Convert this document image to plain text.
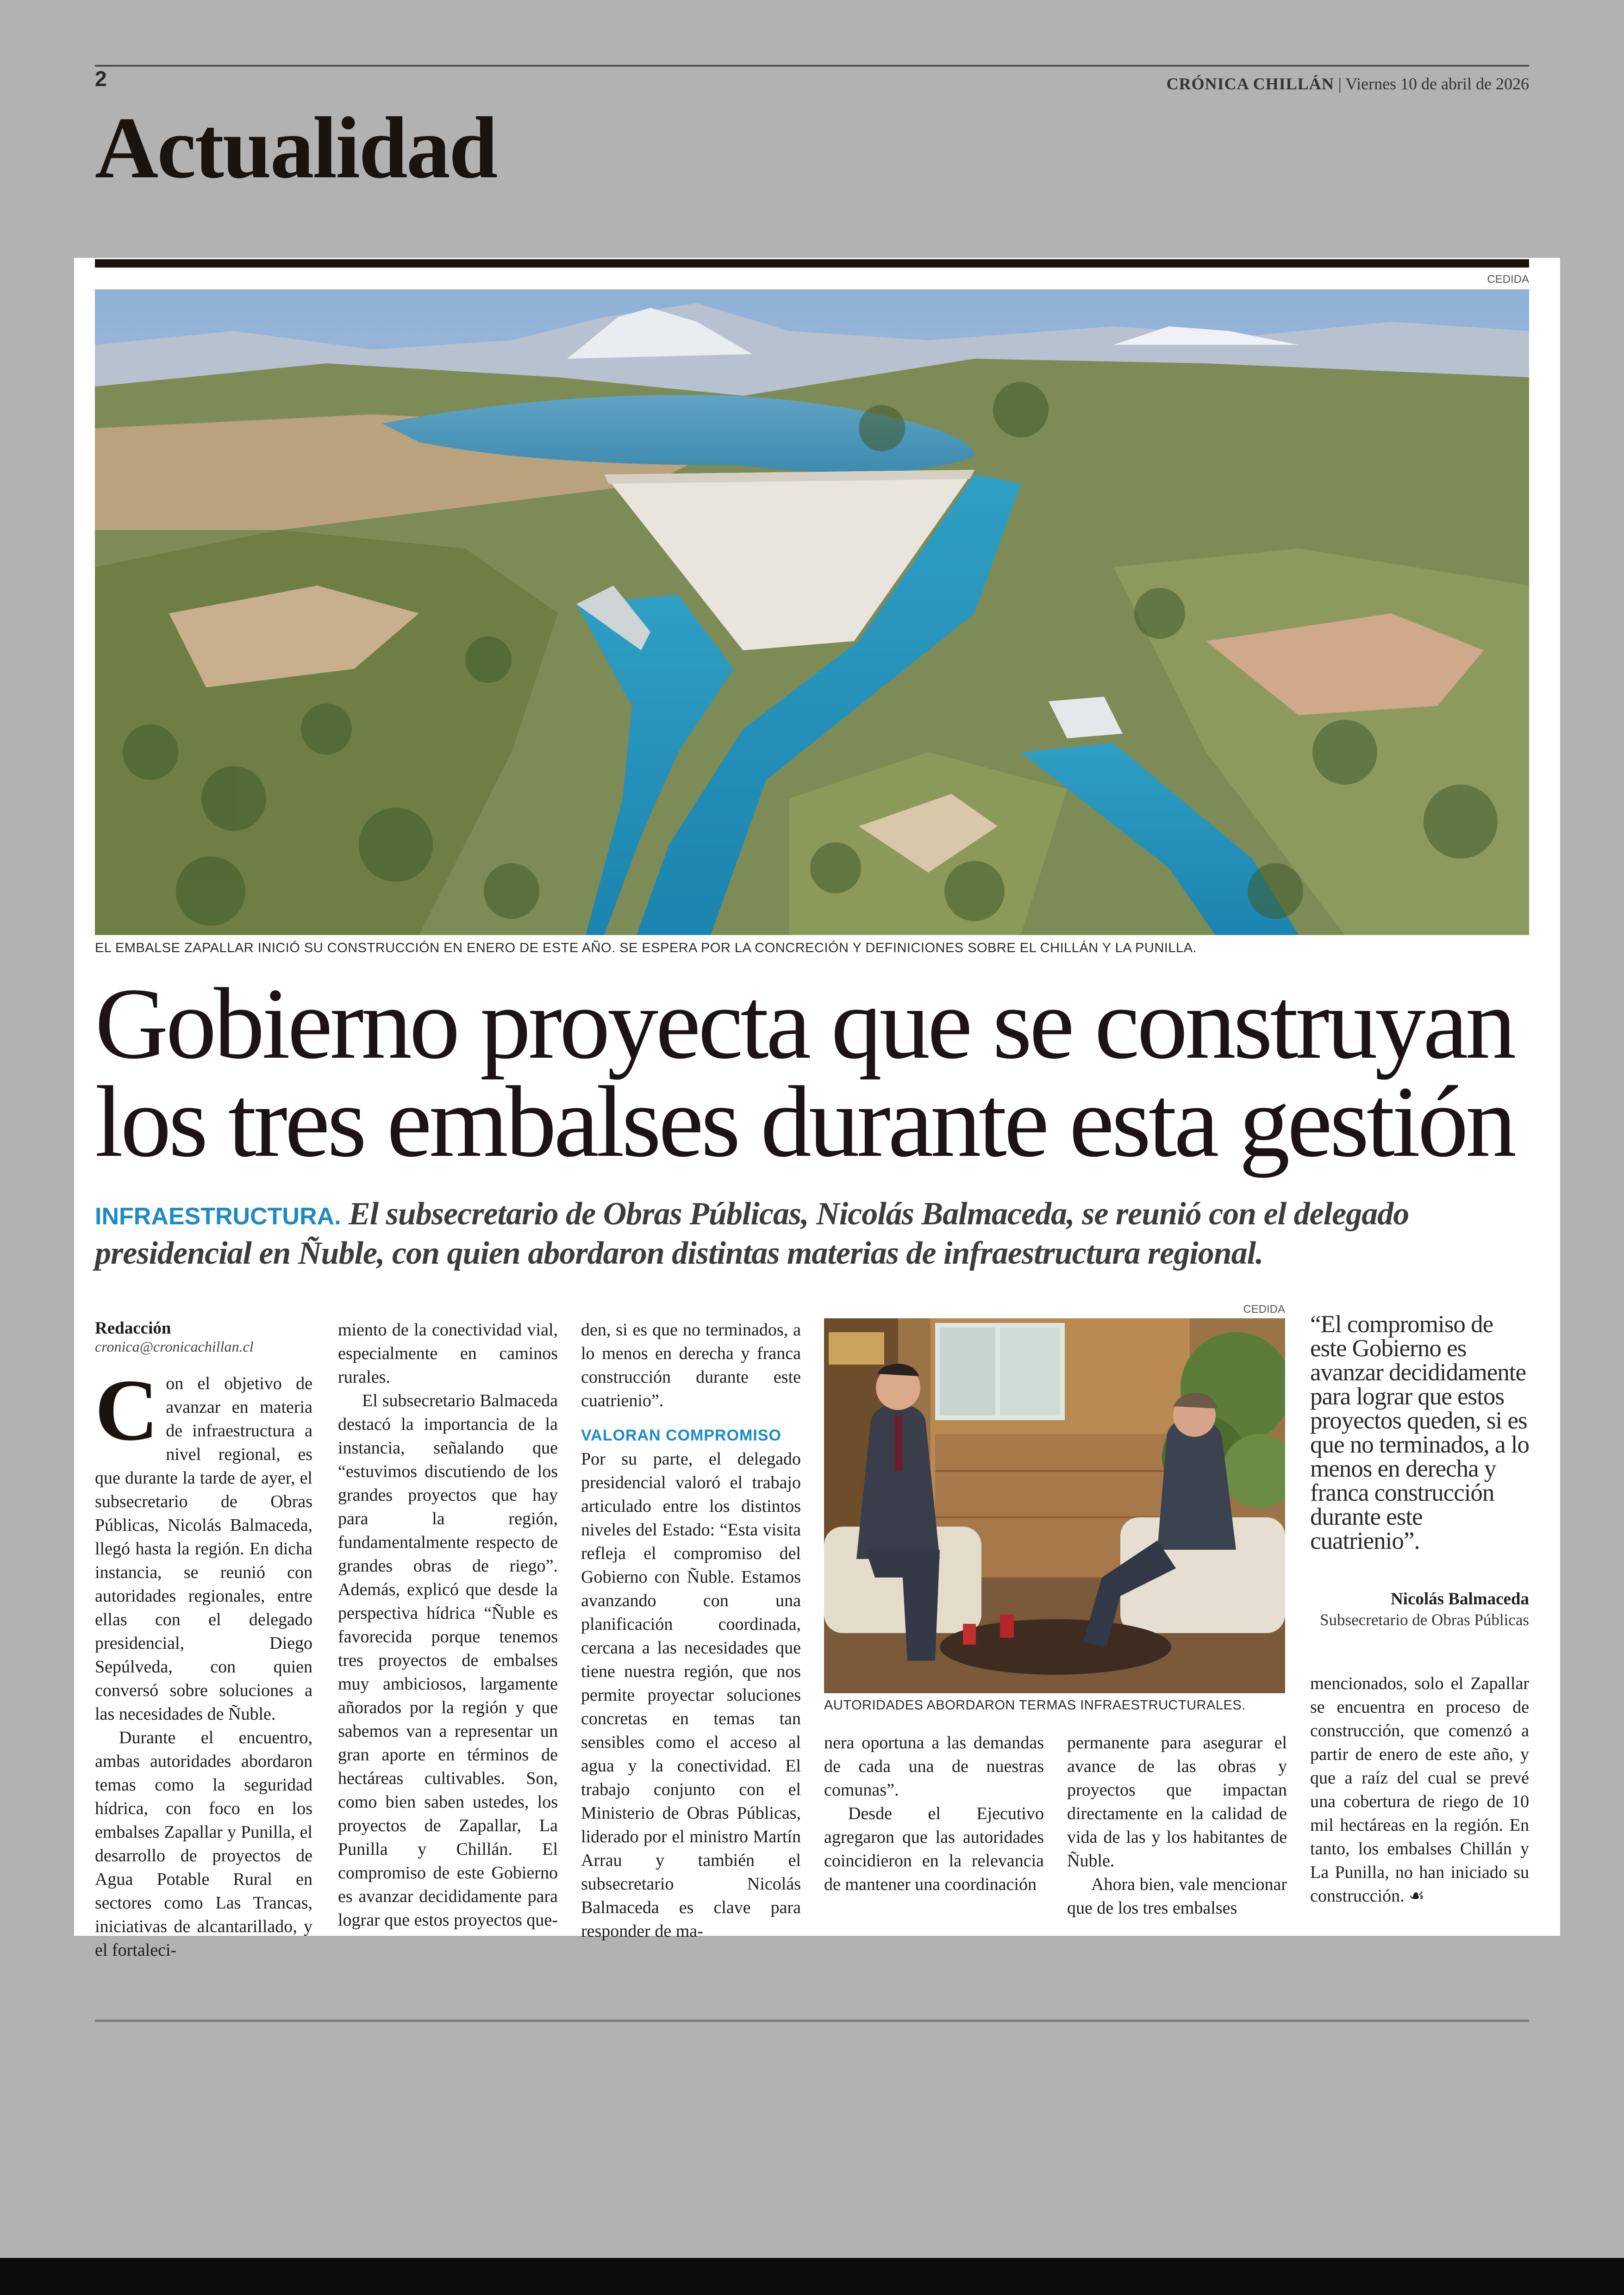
2	CRÓNICA CHILLÁN | Viernes 10 de abril de 2026
Actualidad
CEDIDA
EL EMBALSE ZAPALLAR INICIÓ SU CONSTRUCCIÓN EN ENERO DE ESTE AÑO. SE ESPERA POR LA CONCRECIÓN Y DEFINICIONES SOBRE EL CHILLÁN Y LA PUNILLA.
Gobierno proyecta que se construyan
los tres embalses durante esta gestión
INFRAESTRUCTURA. El subsecretario de Obras Públicas, Nicolás Balmaceda, se reunió con el delegado presidencial en Ñuble, con quien abordaron distintas materias de infraestructura regional.
Redacción
cronica@cronicachillan.cl
C on el objetivo de avanzar en materia de infraestructura a nivel regional, es que durante la tarde de ayer, el subsecretario de Obras Públicas, Nicolás Balmaceda, llegó hasta la región. En dicha instancia, se reunió con autoridades regionales, entre ellas con el delegado presidencial, Diego Sepúlveda, con quien conversó sobre soluciones a las necesidades de Ñuble.

Durante el encuentro, ambas autoridades abordaron temas como la seguridad hídrica, con foco en los embalses Zapallar y Punilla, el desarrollo de proyectos de Agua Potable Rural en sectores como Las Trancas, iniciativas de alcantarillado, y el fortaleci-

miento de la conectividad vial, especialmente en caminos rurales.

El subsecretario Balmaceda destacó la importancia de la instancia, señalando que “estuvimos discutiendo de los grandes proyectos que hay para la región, fundamentalmente respecto de grandes obras de riego”. Además, explicó que desde la perspectiva hídrica “Ñuble es favorecida porque tenemos tres proyectos de embalses muy ambiciosos, largamente añorados por la región y que sabemos van a representar un gran aporte en términos de hectáreas cultivables. Son, como bien saben ustedes, los proyectos de Zapallar, La Punilla y Chillán. El compromiso de este Gobierno es avanzar decididamente para lograr que estos proyectos que-

den, si es que no terminados, a lo menos en derecha y franca construcción durante este cuatrienio”.

VALORAN COMPROMISO

Por su parte, el delegado presidencial valoró el trabajo articulado entre los distintos niveles del Estado: “Esta visita refleja el compromiso del Gobierno con Ñuble. Estamos avanzando con una planificación coordinada, cercana a las necesidades que tiene nuestra región, que nos permite proyectar soluciones concretas en temas tan sensibles como el acceso al agua y la conectividad. El trabajo conjunto con el Ministerio de Obras Públicas, liderado por el ministro Martín Arrau y también el subsecretario Nicolás Balmaceda es clave para responder de ma-

CEDIDA
AUTORIDADES ABORDARON TERMAS INFRAESTRUCTURALES.
“El compromiso de este Gobierno es avanzar decididamente para lograr que estos proyectos queden, si es que no terminados, a lo menos en derecha y franca construcción durante este cuatrienio”.
Nicolás Balmaceda
Subsecretario de Obras Públicas

nera oportuna a las demandas de cada una de nuestras comunas”.

Desde el Ejecutivo agregaron que las autoridades coincidieron en la relevancia de mantener una coordinación

permanente para asegurar el avance de las obras y proyectos que impactan directamente en la calidad de vida de las y los habitantes de Ñuble.

Ahora bien, vale mencionar que de los tres embalses

mencionados, solo el Zapallar se encuentra en proceso de construcción, que comenzó a partir de enero de este año, y que a raíz del cual se prevé una cobertura de riego de 10 mil hectáreas en la región. En tanto, los embalses Chillán y La Punilla, no han iniciado su construcción. ☙
